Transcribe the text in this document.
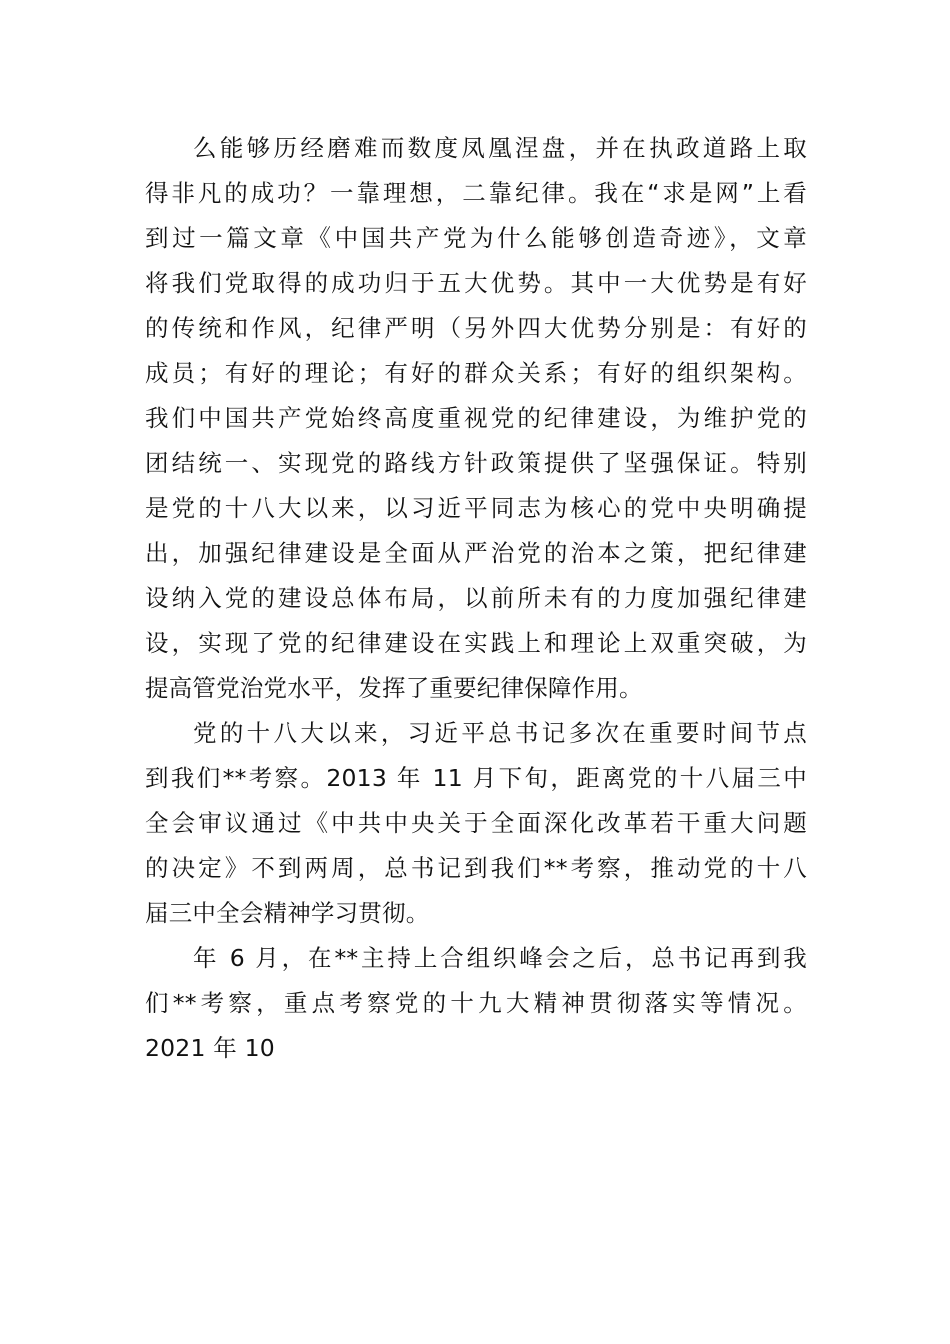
么能够历经磨难而数度凤凰涅盘，并在执政道路上取
得非凡的成功？一靠理想，二靠纪律。我在“求是网”上看
到过一篇文章《中国共产党为什么能够创造奇迹》，文章
将我们党取得的成功归于五大优势。其中一大优势是有好
的传统和作风，纪律严明（另外四大优势分别是：有好的
成员；有好的理论；有好的群众关系；有好的组织架构。
我们中国共产党始终高度重视党的纪律建设，为维护党的
团结统一、实现党的路线方针政策提供了坚强保证。特别
是党的十八大以来，以习近平同志为核心的党中央明确提
出，加强纪律建设是全面从严治党的治本之策，把纪律建
设纳入党的建设总体布局，以前所未有的力度加强纪律建
设，实现了党的纪律建设在实践上和理论上双重突破，为
提高管党治党水平，发挥了重要纪律保障作用。

党的十八大以来，习近平总书记多次在重要时间节点
到我们**考察。2013 年 11 月下旬，距离党的十八届三中
全会审议通过《中共中央关于全面深化改革若干重大问题
的决定》不到两周，总书记到我们**考察，推动党的十八
届三中全会精神学习贯彻。

年 6 月，在**主持上合组织峰会之后，总书记再到我
们**考察，重点考察党的十九大精神贯彻落实等情况。
2021 年 10
